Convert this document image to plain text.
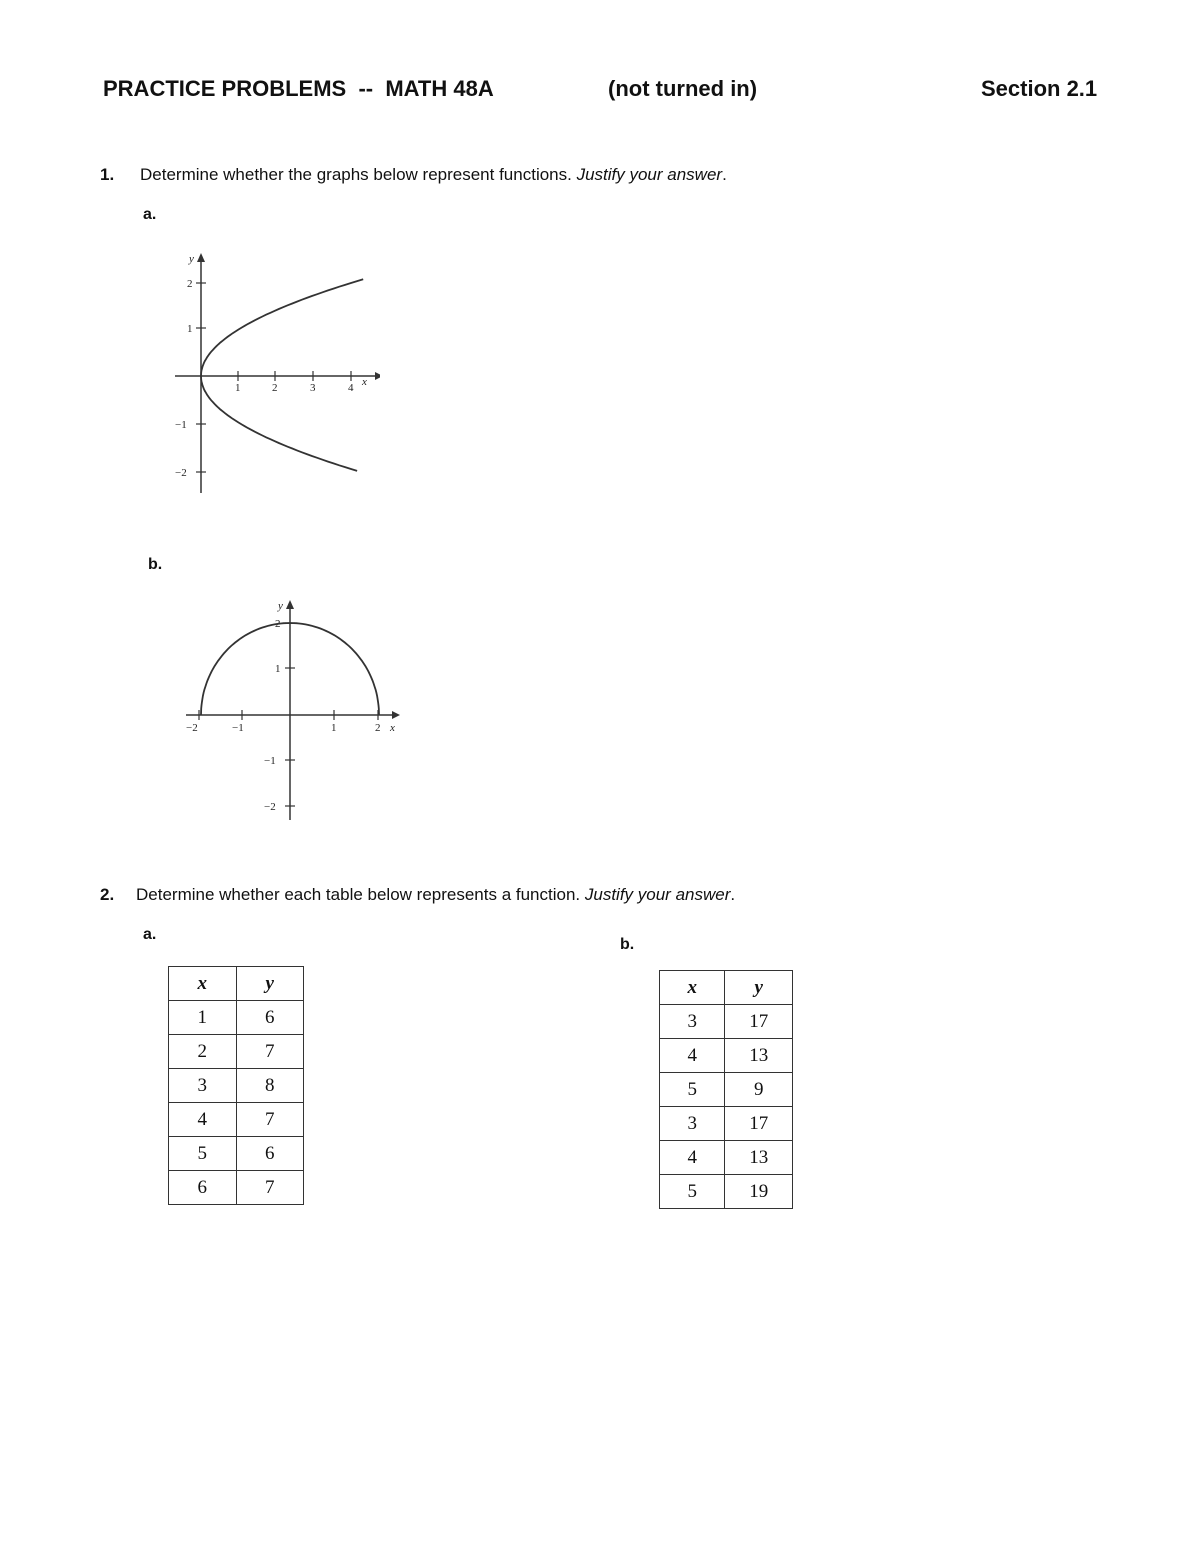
PRACTICE PROBLEMS  --  MATH 48A	(not turned in)	Section 2.1
1. Determine whether the graphs below represent functions. Justify your answer.
a.
1	2	3	4 x
2
1
−1
−2
y
b.
−2	−1	1	2 x
2
1
−1
−2
y
2. Determine whether each table below represents a function. Justify your answer.
a.
b.
x	y
1	6
2	7
3	8
4	7
5	6
6	7
x	y
3	17
4	13
5	9
3	17
4	13
5	19
